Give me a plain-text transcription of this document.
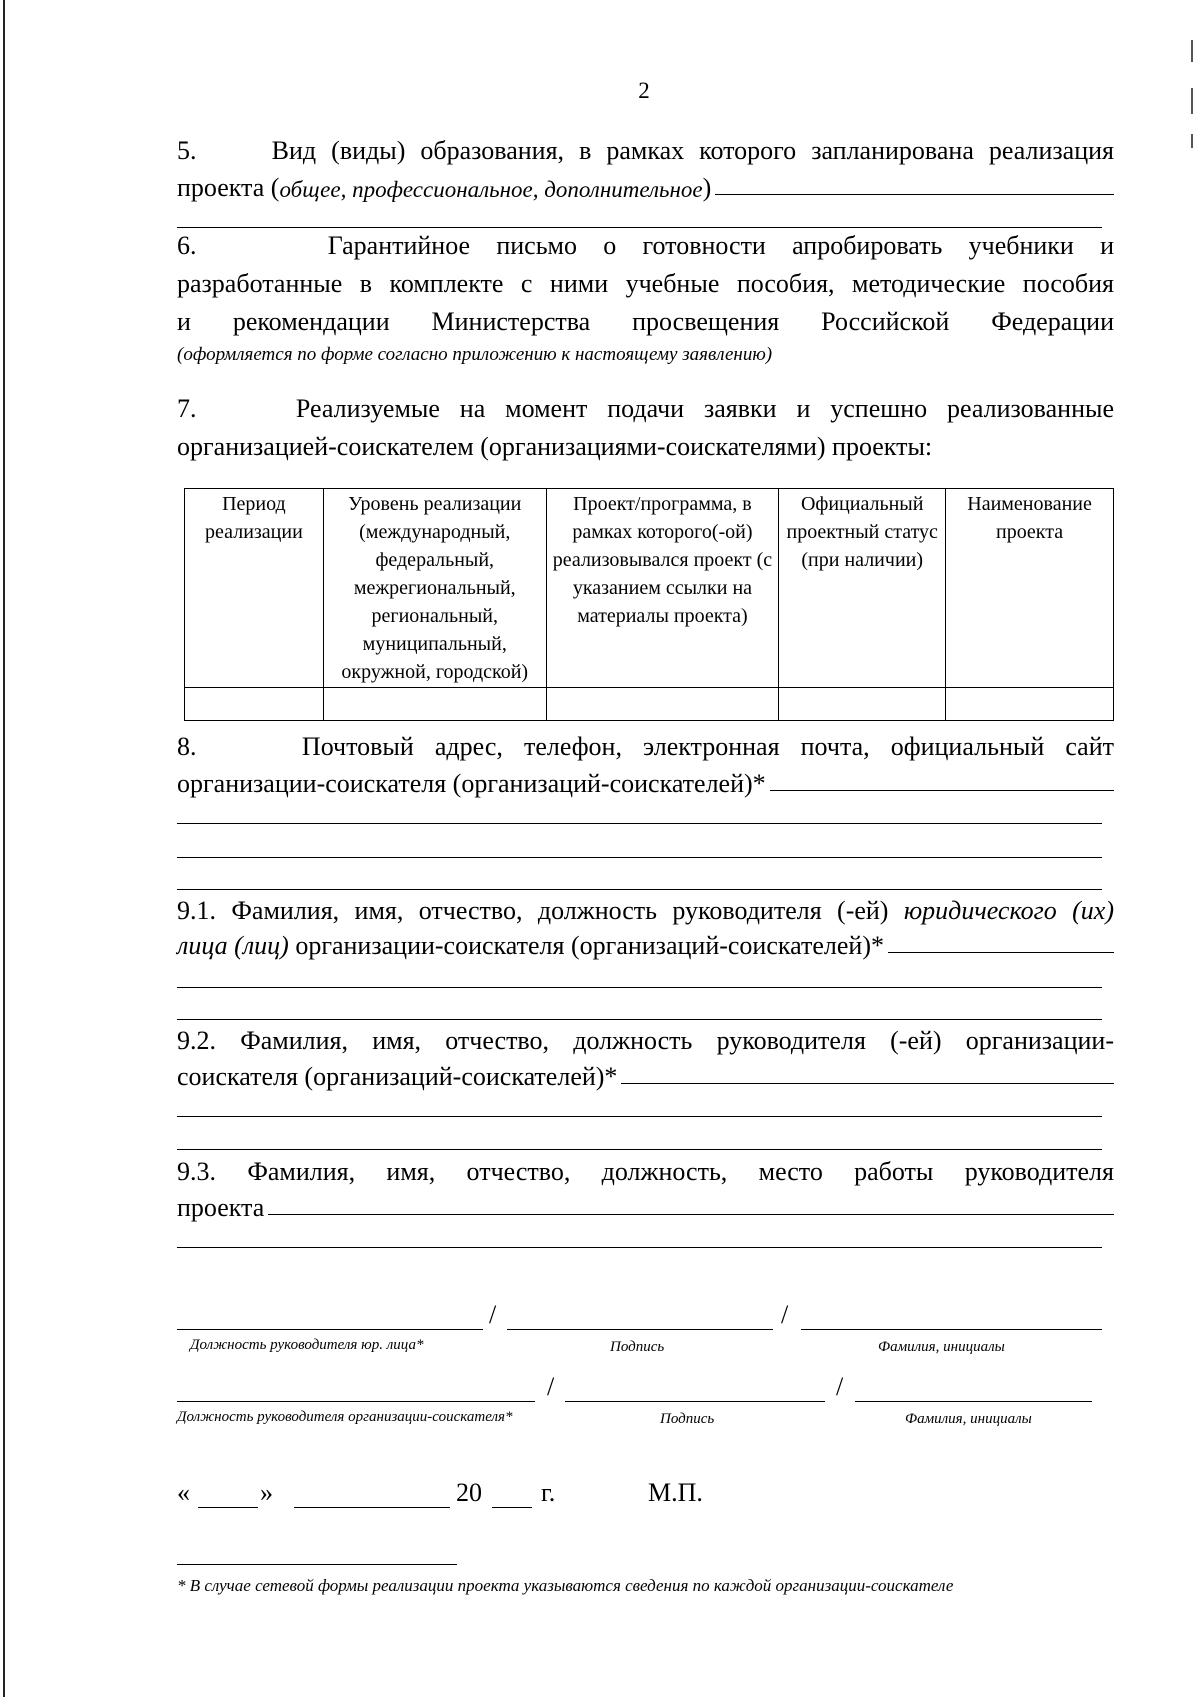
2
5.     Вид (виды) образования, в рамках которого запланирована реализация
проекта ( общее, профессиональное, дополнительное )
6.     Гарантийное письмо о готовности апробировать учебники и
разработанные в комплекте с ними учебные пособия, методические пособия
и рекомендации Министерства просвещения Российской Федерации
(оформляется по форме согласно приложению к настоящему заявлению)
7.     Реализуемые на момент подачи заявки и успешно реализованные
организацией-соискателем (организациями-соискателями) проекты:
Период реализации	Уровень реализации (международный, федеральный, межрегиональный, региональный, муниципальный, окружной, городской)	Проект/программа, в рамках которого(-ой) реализовывался проект (с указанием ссылки на материалы проекта)	Официальный проектный статус (при наличии)	Наименование проекта

8.     Почтовый адрес, телефон, электронная почта, официальный сайт
организации-соискателя (организаций-соискателей)*
9.1. Фамилия, имя, отчество, должность руководителя (-ей) юридического (их)
лица (лиц) организации-соискателя (организаций-соискателей)*
9.2. Фамилия, имя, отчество, должность руководителя (-ей) организации-
соискателя (организаций-соискателей)*
9.3. Фамилия, имя, отчество, должность, место работы руководителя
проекта
/	/
Должность руководителя юр. лица*	Подпись	Фамилия, инициалы
/	/
Должность руководителя организации-соискателя*	Подпись	Фамилия, инициалы
«	»	20 г.	М.П.
* В случае сетевой формы реализации проекта указываются сведения по каждой организации-соискателе
